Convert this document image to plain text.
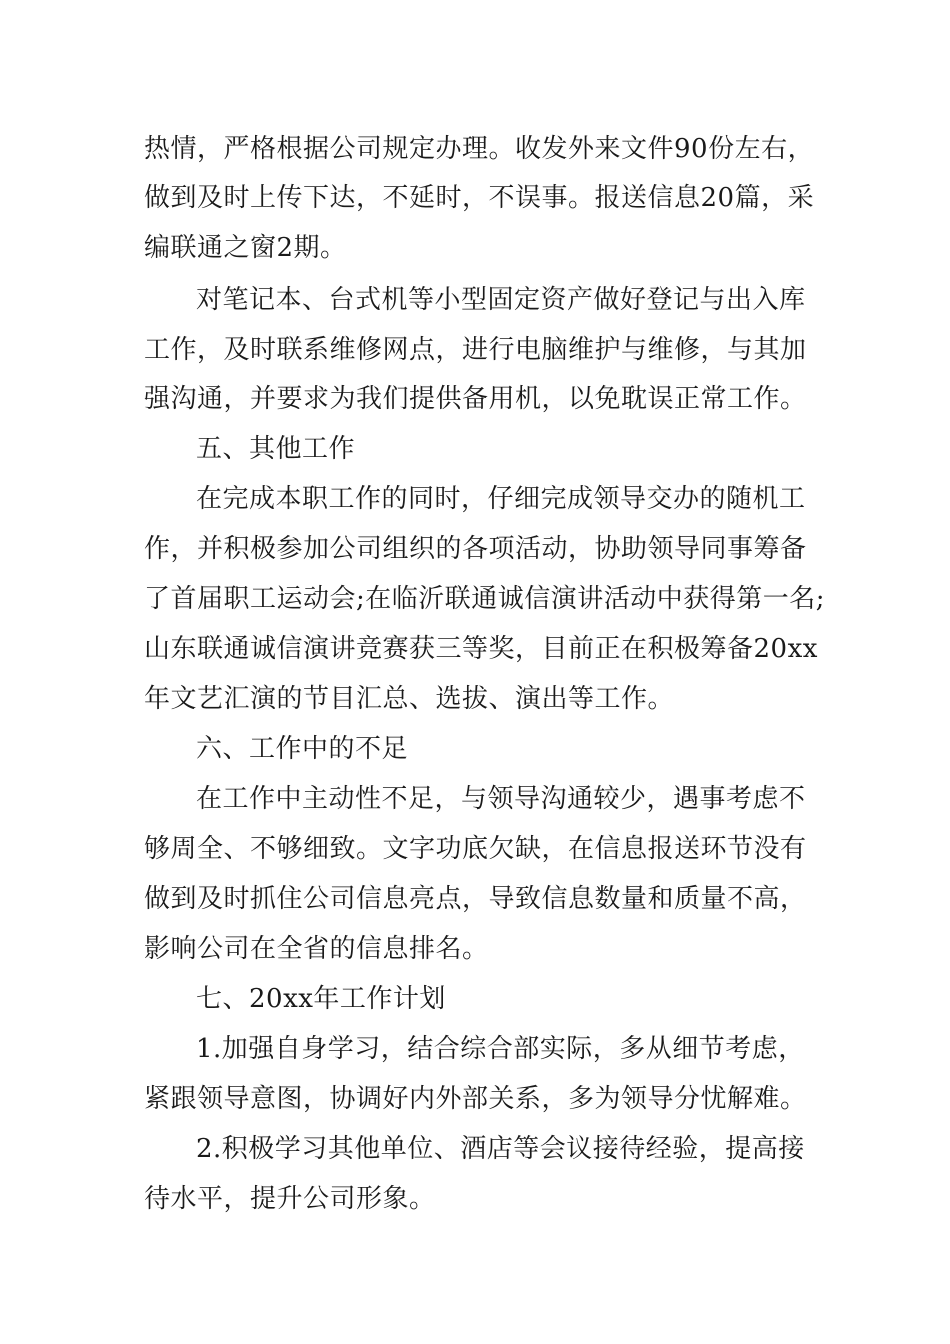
热情，严格根据公司规定办理。收发外来文件90份左右，

做到及时上传下达，不延时，不误事。报送信息20篇，采

编联通之窗2期。

对笔记本、台式机等小型固定资产做好登记与出入库

工作，及时联系维修网点，进行电脑维护与维修，与其加

强沟通，并要求为我们提供备用机，以免耽误正常工作。

五、其他工作

在完成本职工作的同时，仔细完成领导交办的随机工

作，并积极参加公司组织的各项活动，协助领导同事筹备

了首届职工运动会;在临沂联通诚信演讲活动中获得第一名;

山东联通诚信演讲竞赛获三等奖，目前正在积极筹备20xx

年文艺汇演的节目汇总、选拔、演出等工作。

六、工作中的不足

在工作中主动性不足，与领导沟通较少，遇事考虑不

够周全、不够细致。文字功底欠缺，在信息报送环节没有

做到及时抓住公司信息亮点，导致信息数量和质量不高，

影响公司在全省的信息排名。

七、20xx年工作计划

1.加强自身学习，结合综合部实际，多从细节考虑，

紧跟领导意图，协调好内外部关系，多为领导分忧解难。

2.积极学习其他单位、酒店等会议接待经验，提高接

待水平，提升公司形象。
